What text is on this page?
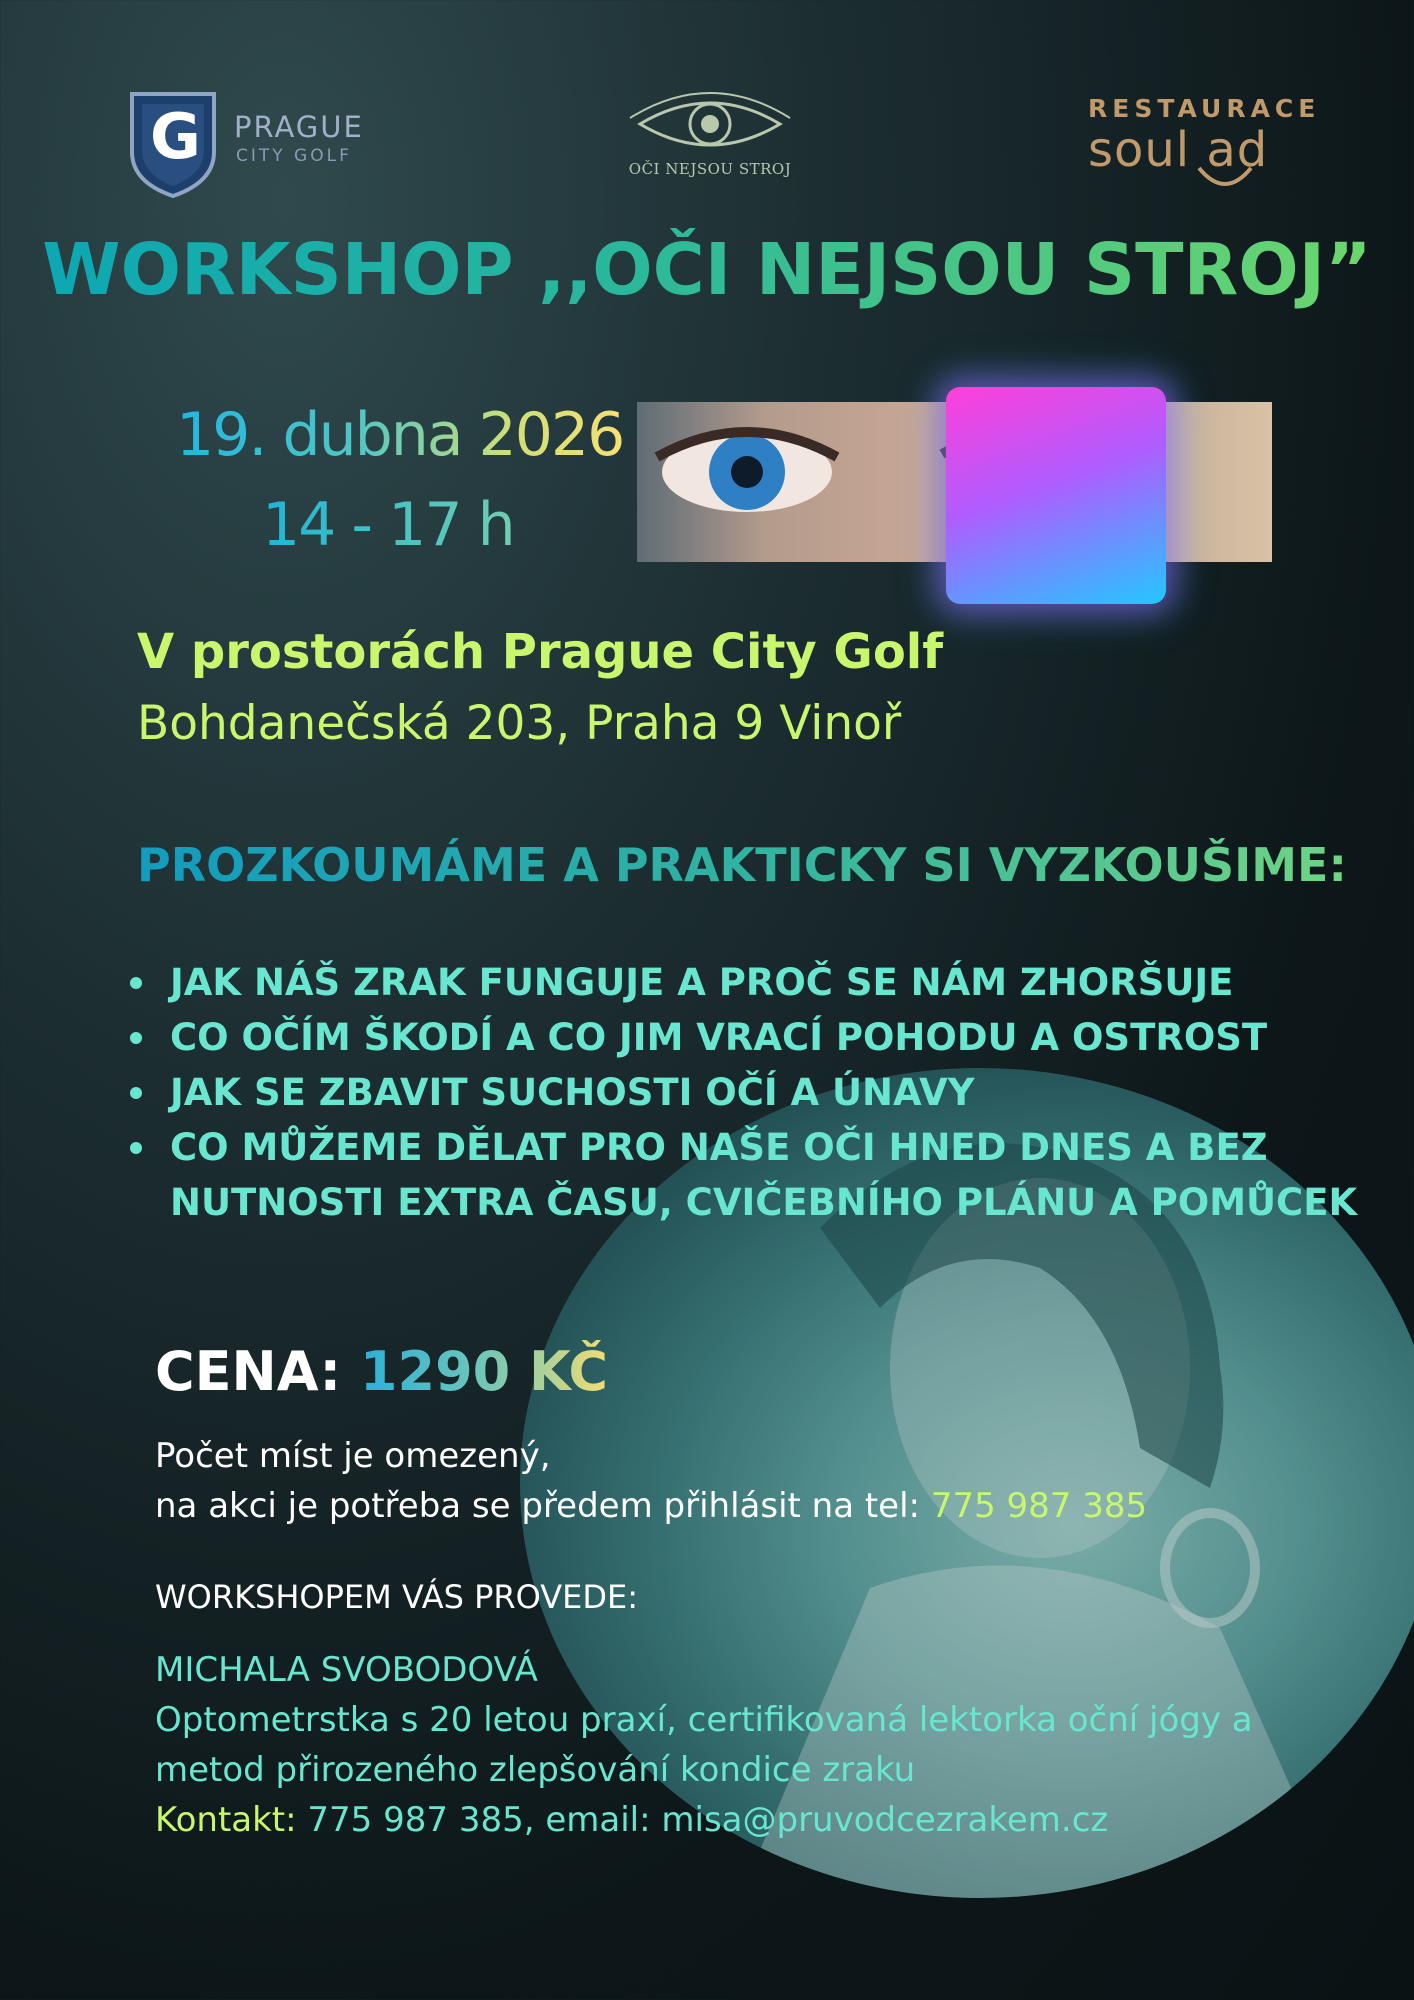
G PRAGUE
CITY GOLF
OČI NEJSOU STROJ
RESTAURACE
soul ad
WORKSHOP ,,OČI NEJSOU STROJ”
19. dubna 2026
14 - 17 h
V prostorách Prague City Golf
Bohdanečská 203, Praha 9 Vinoř
PROZKOUMÁME A PRAKTICKY SI VYZKOUŠIME:
JAK NÁŠ ZRAK FUNGUJE A PROČ SE NÁM ZHORŠUJE
CO OČÍM ŠKODÍ A CO JIM VRACÍ POHODU A OSTROST
JAK SE ZBAVIT SUCHOSTI OČÍ A ÚNAVY
CO MŮŽEME DĚLAT PRO NAŠE OČI HNED DNES A BEZ NUTNOSTI EXTRA ČASU, CVIČEBNÍHO PLÁNU A POMŮCEK
CENA: 1290 KČ
Počet míst je omezený,
na akci je potřeba se předem přihlásit na tel: 775 987 385
WORKSHOPEM VÁS PROVEDE:
MICHALA SVOBODOVÁ
Optometrstka s 20 letou praxí, certifikovaná lektorka oční jógy a
metod přirozeného zlepšování kondice zraku
Kontakt: 775 987 385, email: misa@pruvodcezrakem.cz
